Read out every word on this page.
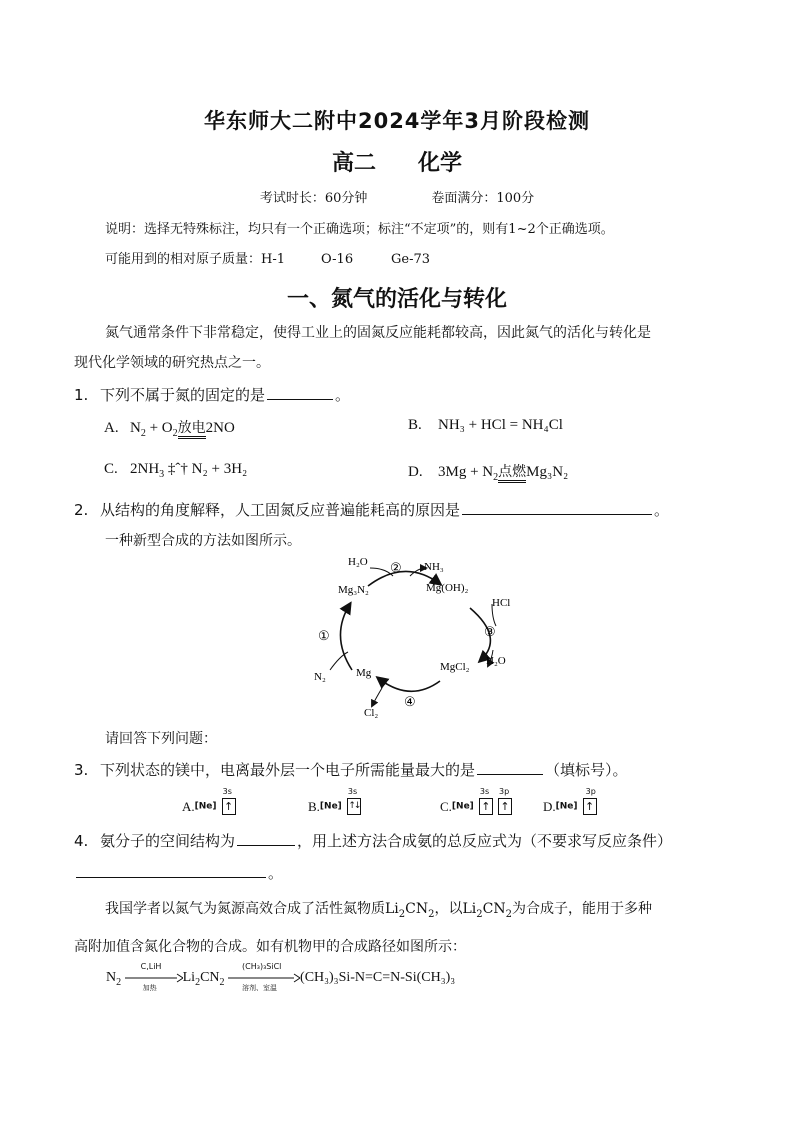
华东师大二附中2024学年3月阶段检测
高二 化学
考试时长：60分钟	卷面满分：100分
说明：选择无特殊标注，均只有一个正确选项；标注“不定项”的，则有1~2个正确选项。
可能用到的相对原子质量：H-1	O-16	Ge-73
一、氮气的活化与转化
氮气通常条件下非常稳定，使得工业上的固氮反应能耗都较高，因此氮气的活化与转化是
现代化学领域的研究热点之一。
1. 下列不属于氮的固定的是	。
A. $N_2 + O_2$放电2NO	B. NH₃ + HCl = NH₄Cl
C. $2NH_3$ ‡ˆ† N₂ + 3H₂	D. $3Mg + N_2$点燃Mg₃N₂
2. 从结构的角度解释，人工固氮反应普遍能耗高的原因是	。
一种新型合成的方法如图所示。
H₂O	NH₃
Mg₃N₂	Mg(OH)₂
HCl
H₂O
MgCl₂
Mg
N₂
Cl₂
②
③
④
①
请回答下列问题：
3. 下列状态的镁中，电离最外层一个电子所需能量最大的是	（填标号）。
A.[Ne]
3s
↑	B.[Ne]
3s
↑↓	C.[Ne]
3s
↑
3p
↑	D.[Ne]
3p
↑
4. 氨分子的空间结构为	，用上述方法合成氨的总反应式为（不要求写反应条件）
。
我国学者以氮气为氮源高效合成了活性氮物质$Li_2CN_2$，以$Li_2CN_2$为合成子，能用于多种
高附加值含氮化合物的合成。如有机物甲的合成路径如图所示：
$N_2$
C,LiH
加热
$Li_2CN_2$
(CH₃)₃SiCl
溶剂、室温
(CH₃)₃Si-N=C=N-Si(CH₃)₃
